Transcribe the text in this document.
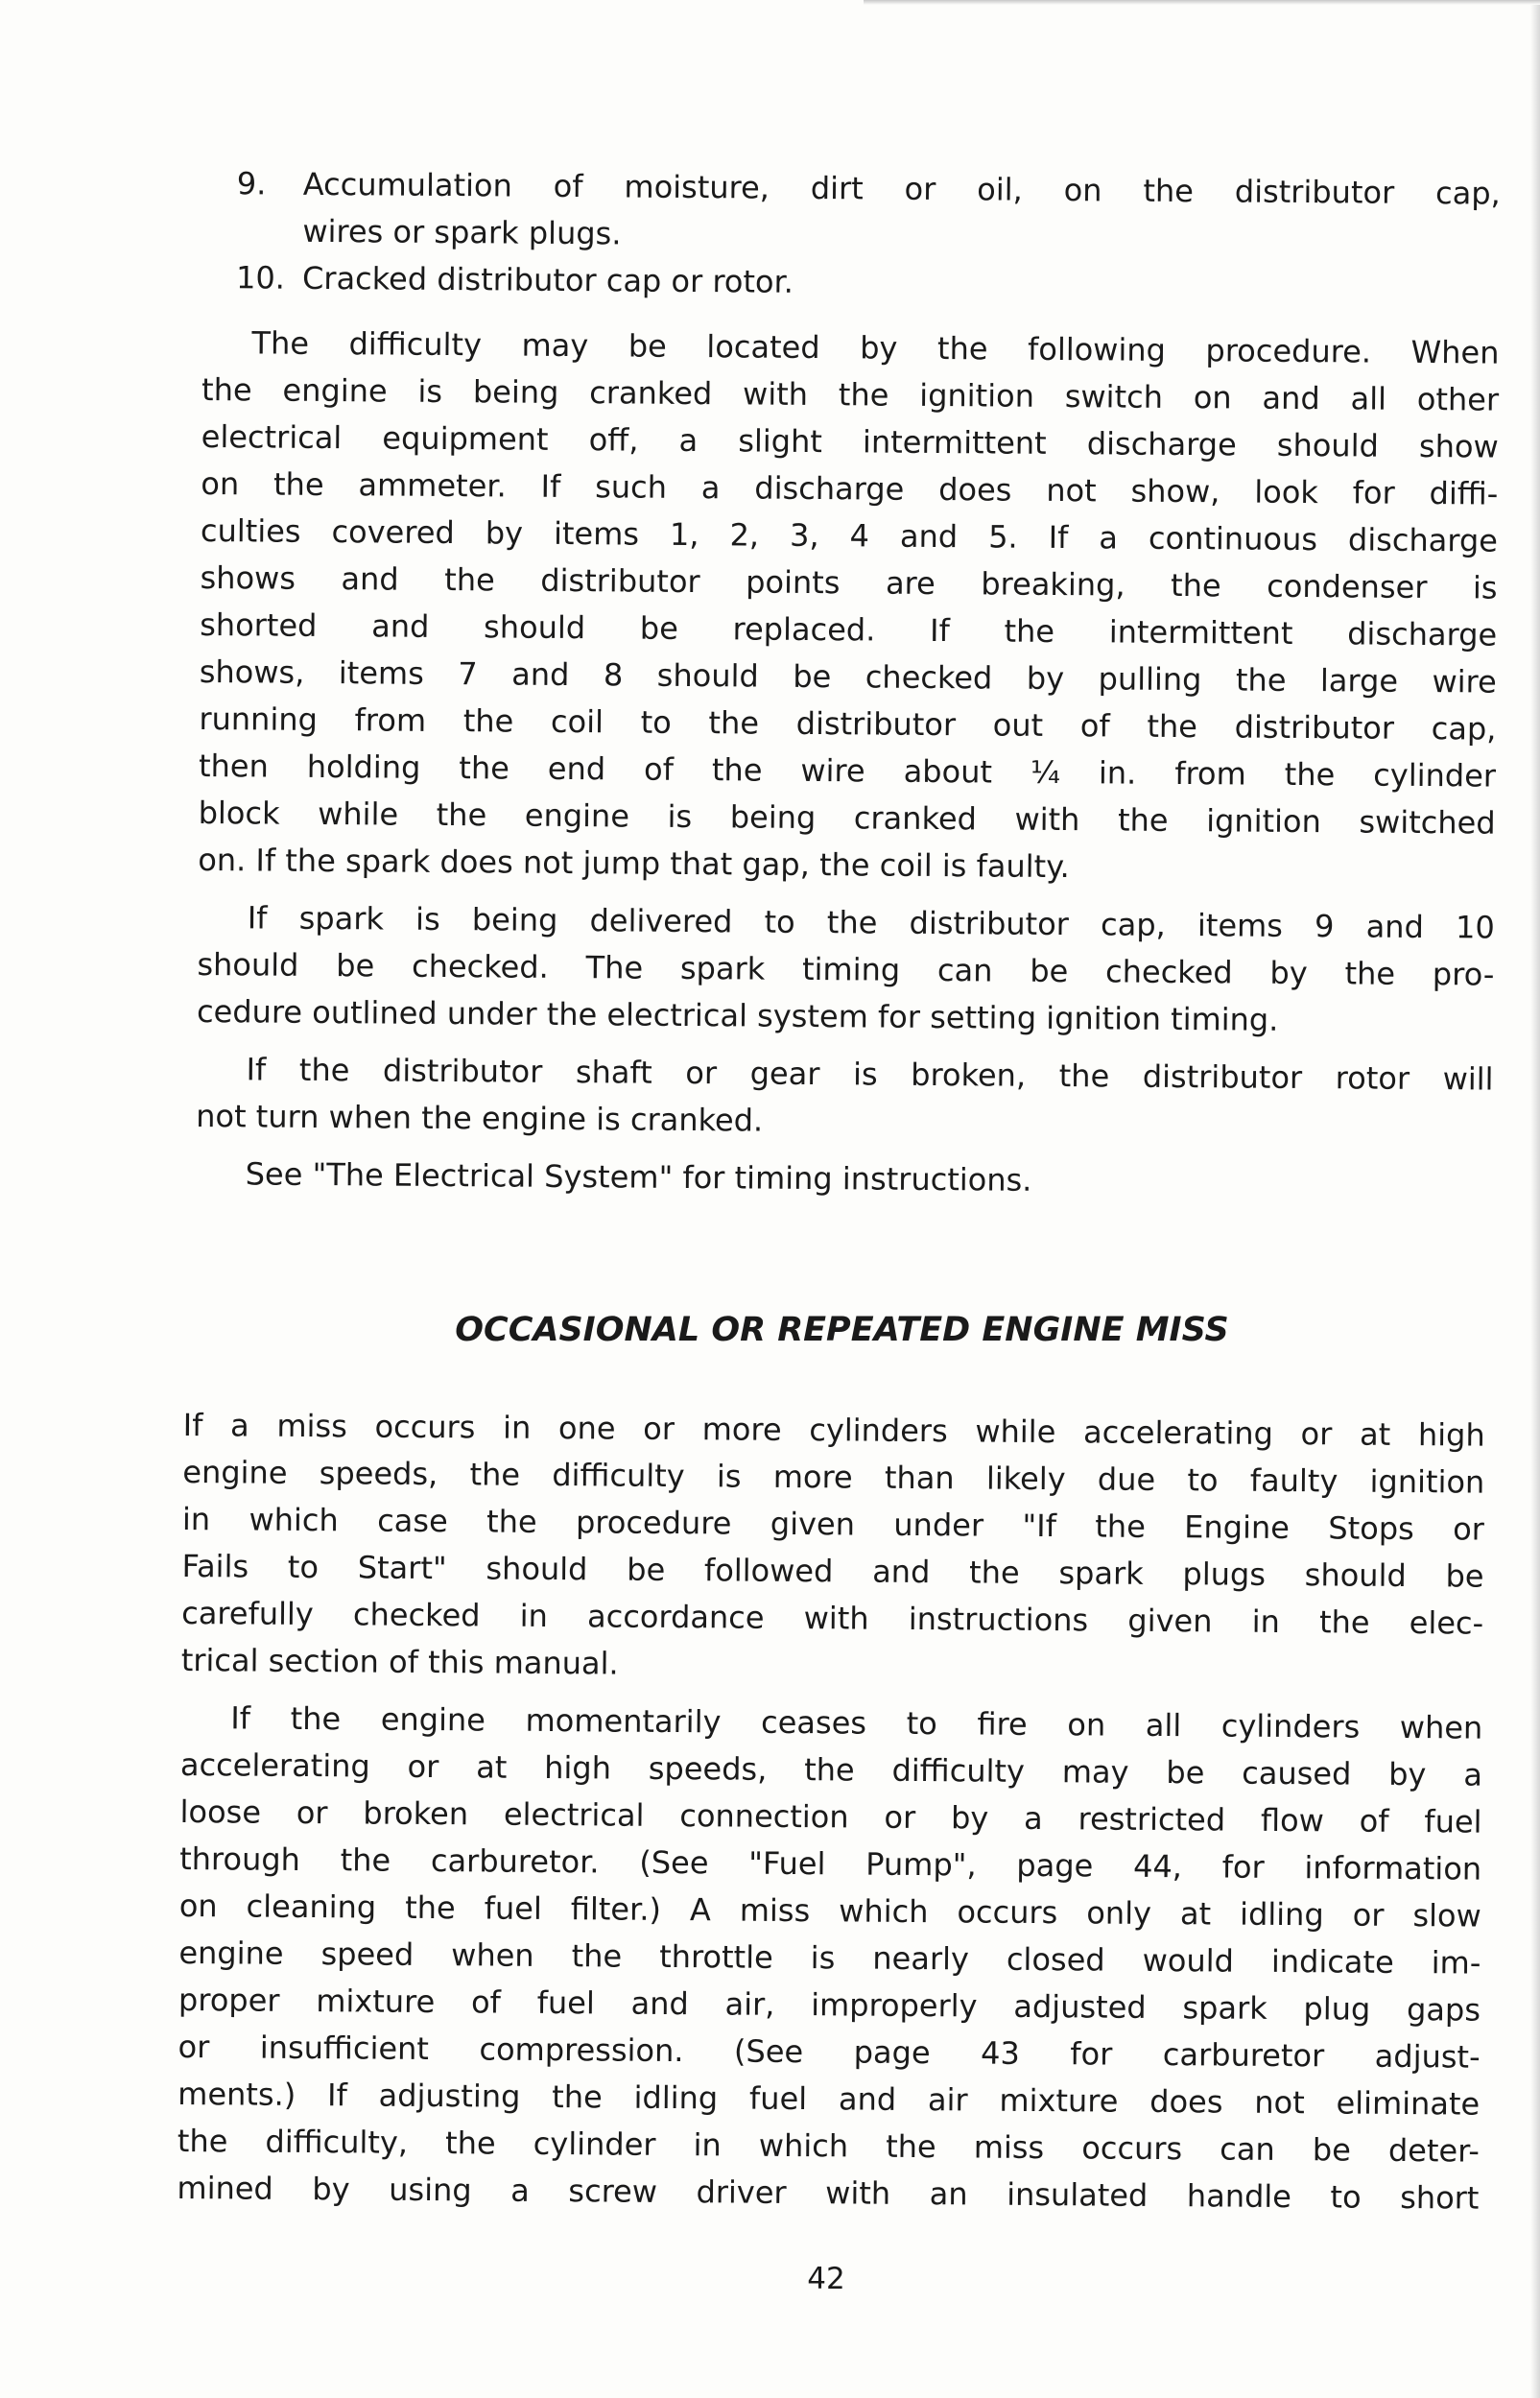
9. Accumulation of moisture, dirt or oil, on the distributor cap,
wires or spark plugs.
10. Cracked distributor cap or rotor.
The difficulty may be located by the following procedure. When
the engine is being cranked with the ignition switch on and all other
electrical equipment off, a slight intermittent discharge should show
on the ammeter. If such a discharge does not show, look for diffi-
culties covered by items 1, 2, 3, 4 and 5. If a continuous discharge
shows and the distributor points are breaking, the condenser is
shorted and should be replaced. If the intermittent discharge
shows, items 7 and 8 should be checked by pulling the large wire
running from the coil to the distributor out of the distributor cap,
then holding the end of the wire about ¼ in. from the cylinder
block while the engine is being cranked with the ignition switched
on. If the spark does not jump that gap, the coil is faulty.
If spark is being delivered to the distributor cap, items 9 and 10
should be checked. The spark timing can be checked by the pro-
cedure outlined under the electrical system for setting ignition timing.
If the distributor shaft or gear is broken, the distributor rotor will
not turn when the engine is cranked.
See "The Electrical System" for timing instructions.
OCCASIONAL OR REPEATED ENGINE MISS
If a miss occurs in one or more cylinders while accelerating or at high
engine speeds, the difficulty is more than likely due to faulty ignition
in which case the procedure given under "If the Engine Stops or
Fails to Start" should be followed and the spark plugs should be
carefully checked in accordance with instructions given in the elec-
trical section of this manual.
If the engine momentarily ceases to fire on all cylinders when
accelerating or at high speeds, the difficulty may be caused by a
loose or broken electrical connection or by a restricted flow of fuel
through the carburetor. (See "Fuel Pump", page 44, for information
on cleaning the fuel filter.) A miss which occurs only at idling or slow
engine speed when the throttle is nearly closed would indicate im-
proper mixture of fuel and air, improperly adjusted spark plug gaps
or insufficient compression. (See page 43 for carburetor adjust-
ments.) If adjusting the idling fuel and air mixture does not eliminate
the difficulty, the cylinder in which the miss occurs can be deter-
mined by using a screw driver with an insulated handle to short
42
